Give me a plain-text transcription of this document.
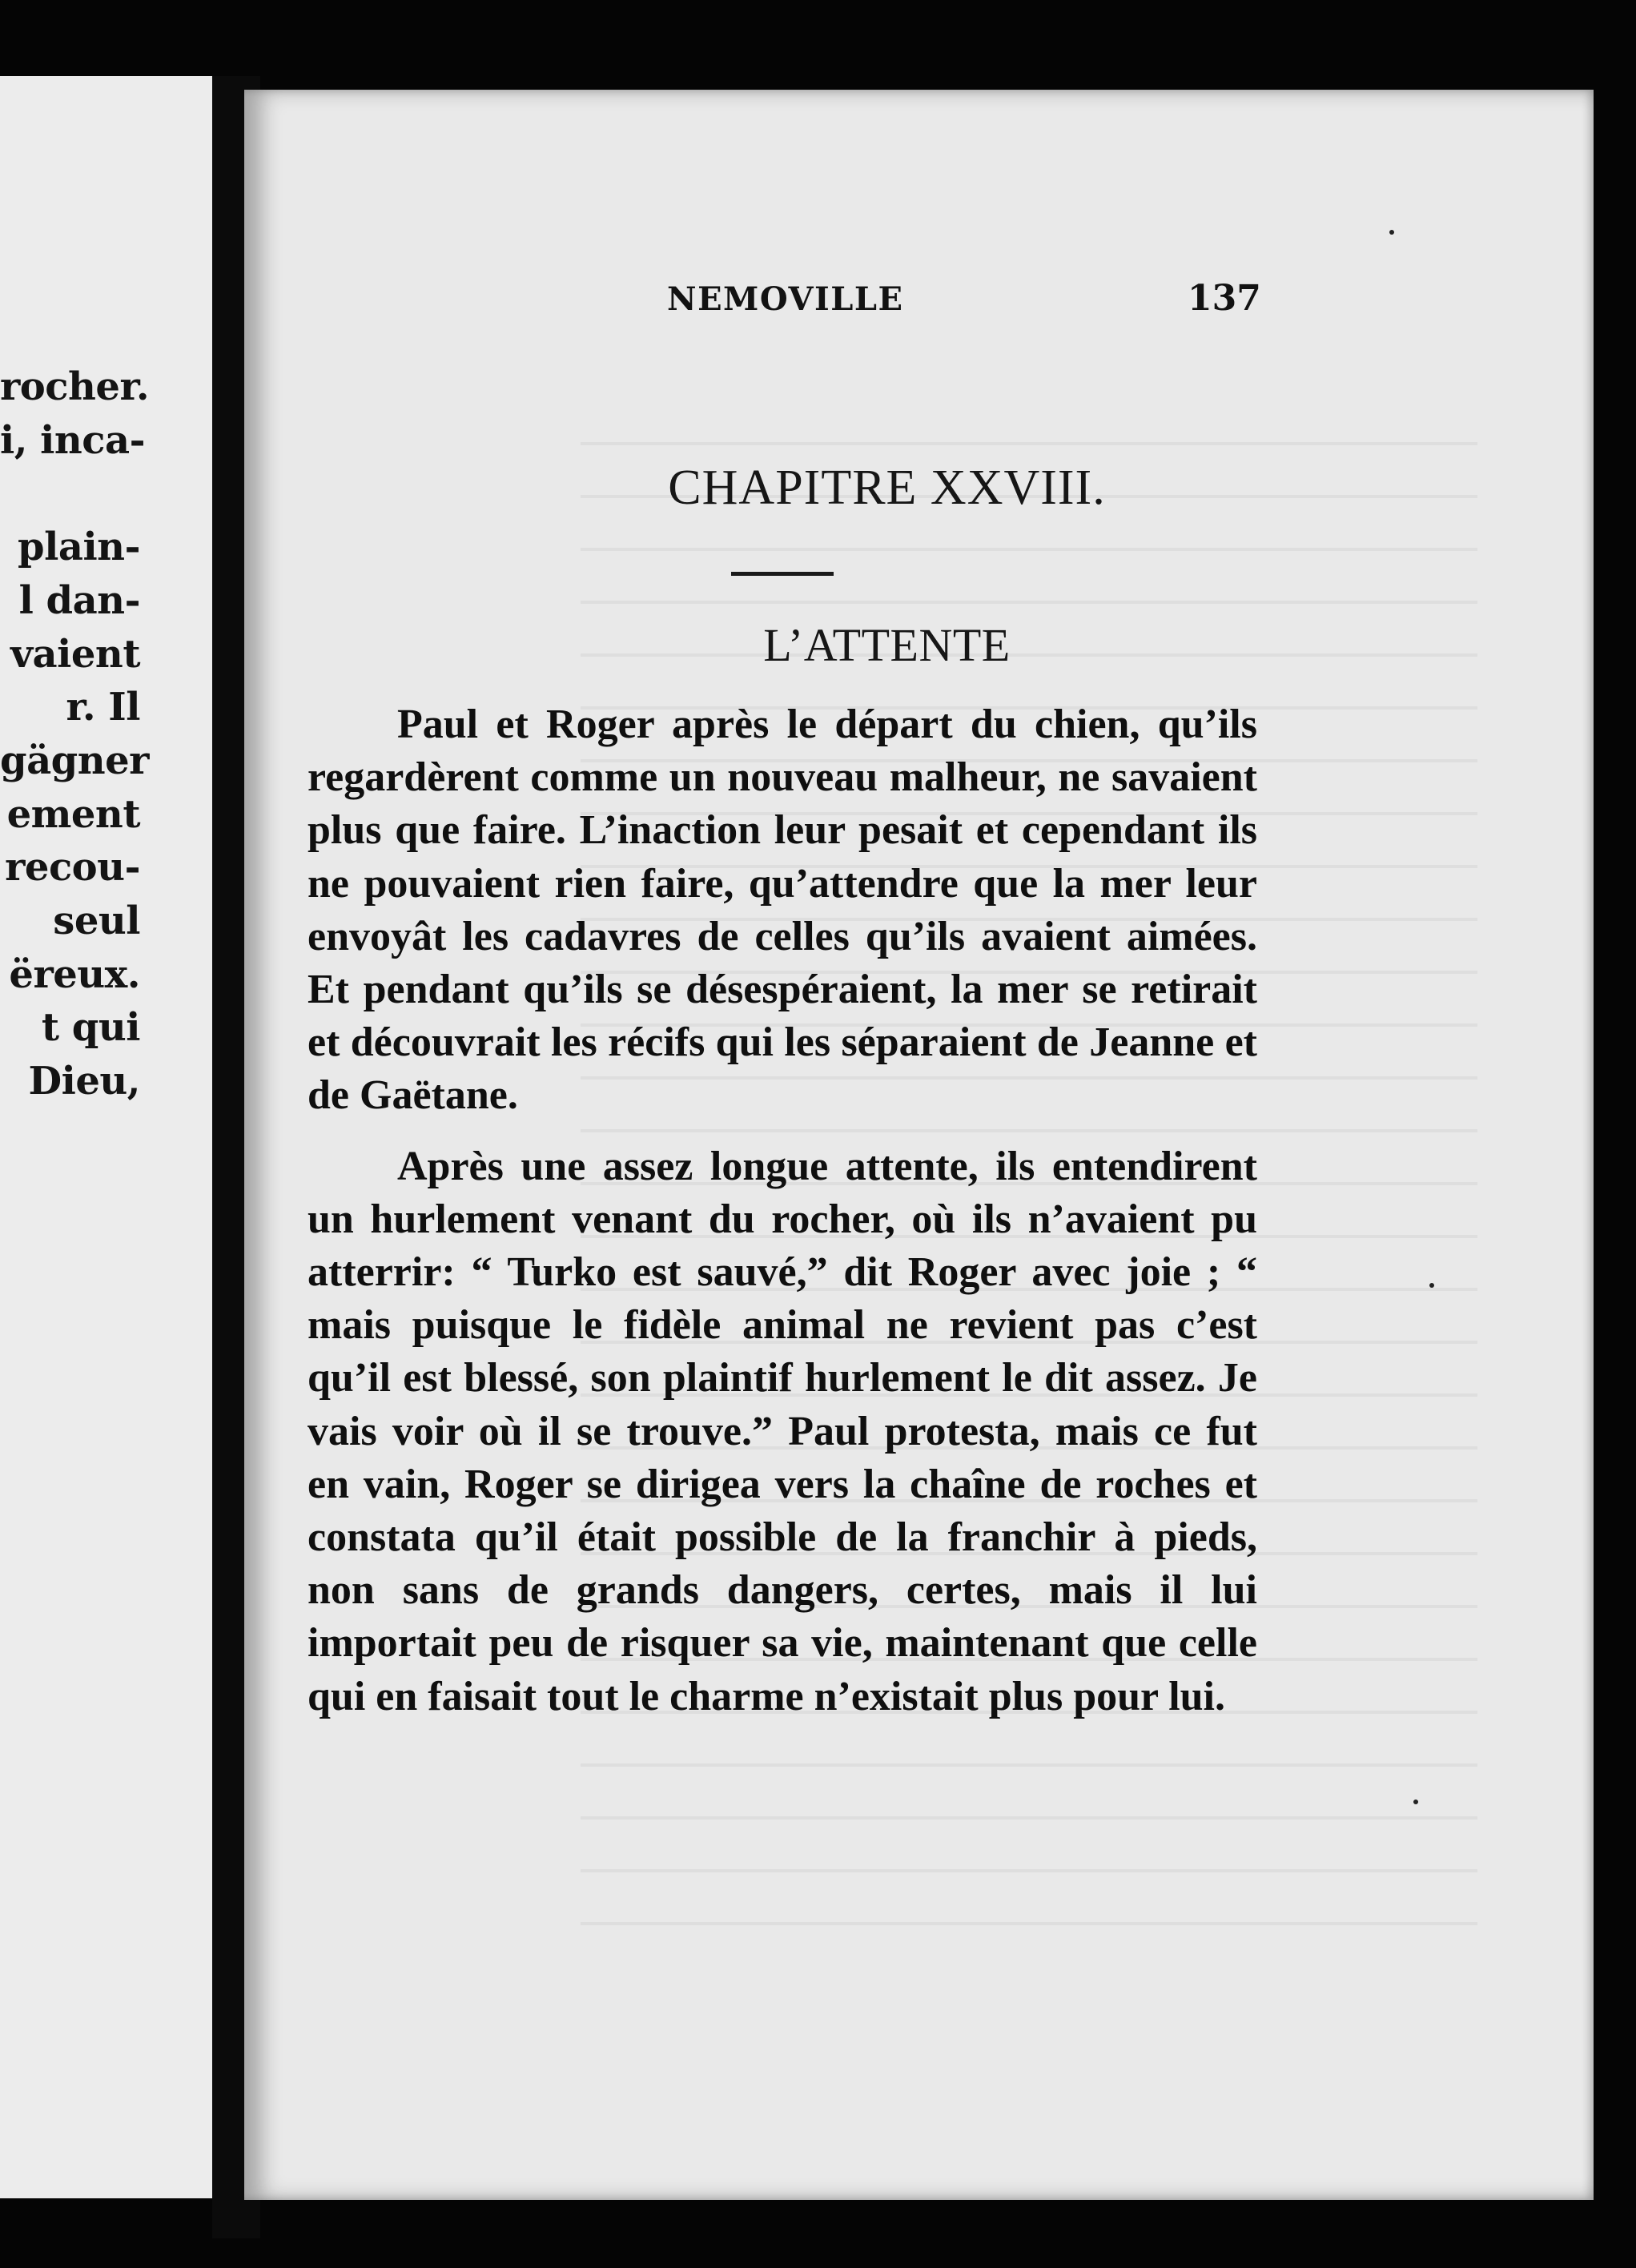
rocher.
i, inca-

plain-
l dan-
vaient
r. Il
gägner
ement
recou-
seul
ëreux.
t qui
Dieu,
NEMOVILLE	137
CHAPITRE XXVIII.
L’ATTENTE

Paul et Roger après le départ du chien, qu’ils regardèrent comme un nouveau malheur, ne savaient plus que faire. L’inaction leur pesait et cependant ils ne pouvaient rien faire, qu’attendre que la mer leur envoyât les cadavres de celles qu’ils avaient aimées. Et pendant qu’ils se désespéraient, la mer se retirait et découvrait les récifs qui les séparaient de Jeanne et de Gaëtane.

Après une assez longue attente, ils entendirent un hurlement venant du rocher, où ils n’avaient pu atterrir: “ Turko est sauvé,” dit Roger avec joie ; “ mais puisque le fidèle animal ne revient pas c’est qu’il est blessé, son plaintif hurlement le dit assez. Je vais voir où il se trouve.” Paul protesta, mais ce fut en vain, Roger se dirigea vers la chaîne de roches et constata qu’il était possible de la franchir à pieds, non sans de grands dangers, certes, mais il lui importait peu de risquer sa vie, maintenant que celle qui en faisait tout le charme n’existait plus pour lui.
